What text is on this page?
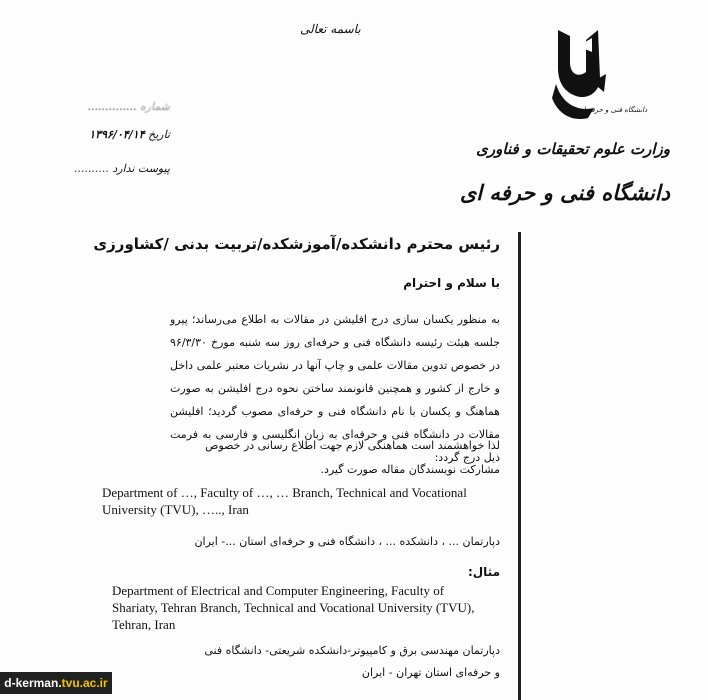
باسمه تعالی
شماره ..............
تاریخ ۱۳۹۶/۰۴/۱۴
پیوست ندارد ..........
دانشگاه فنی و حرفه ای
وزارت علوم تحقیقات و فناوری
دانشگاه فنی و حرفه ای
رئیس محترم دانشکده/آموزشکده/تربیت بدنی /کشاورزی
با سلام و احترام
به منظور یکسان سازی درج افلیشن در مقالات به اطلاع می‌رساند؛ پیرو جلسه هیئت رئیسه دانشگاه فنی و حرفه‌ای روز سه شنبه مورخ ۹۶/۳/۳۰ در خصوص تدوین مقالات علمی و چاپ آنها در نشریات معتبر علمی داخل و خارج از کشور و همچنین قانونمند ساختن نحوه درج افلیشن به صورت هماهنگ و یکسان با نام دانشگاه فنی و حرفه‌ای مصوب گردید؛ افلیشن مقالات در دانشگاه فنی و حرفه‌ای به زبان انگلیسی و فارسی به فرمت ذیل درج گردد:
لذا خواهشمند است هماهنگی لازم جهت اطلاع رسانی در خصوص مشارکت نویسندگان مقاله صورت گیرد.
Department of …, Faculty of …, … Branch, Technical and Vocational University (TVU), ….., Iran
دپارتمان ... ، دانشکده ... ، دانشگاه فنی و حرفه‌ای استان ...- ایران
مثال:
Department of Electrical and Computer Engineering, Faculty of Shariaty, Tehran Branch, Technical and Vocational University (TVU), Tehran, Iran
دپارتمان مهندسی برق و کامپیوتر-دانشکده شریعتی- دانشگاه فنی و حرفه‌ای استان تهران - ایران
d-kerman.tvu.ac.ir
